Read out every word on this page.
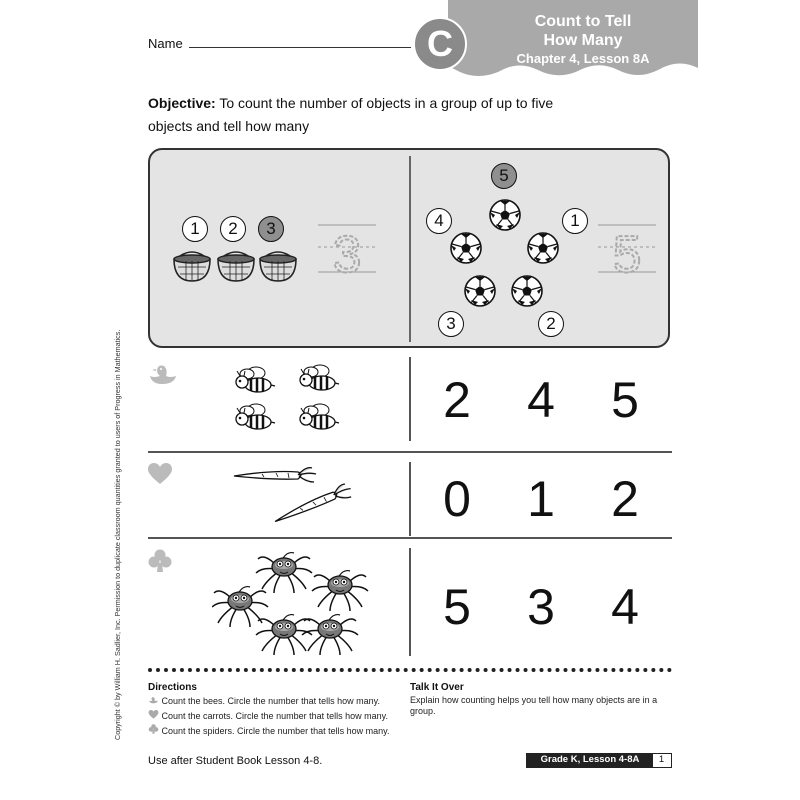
Name
Count to Tell
How Many
Chapter 4, Lesson 8A
C
Objective: To count the number of objects in a group of up to five objects and tell how many
Copyright © by William H. Sadlier, Inc. Permission to duplicate classroom quantities granted to users of Progress in Mathematics.
1	2	3 3
5
4	1
3	2
5
2 4 5
0 1 2
5 3 4
Directions
Count the bees. Circle the number that tells how many.
Count the carrots. Circle the number that tells how many.
Count the spiders. Circle the number that tells how many.
Talk It Over
Explain how counting helps you tell how many objects are in a group.
Use after Student Book Lesson 4-8.	Grade K, Lesson 4-8A	1
